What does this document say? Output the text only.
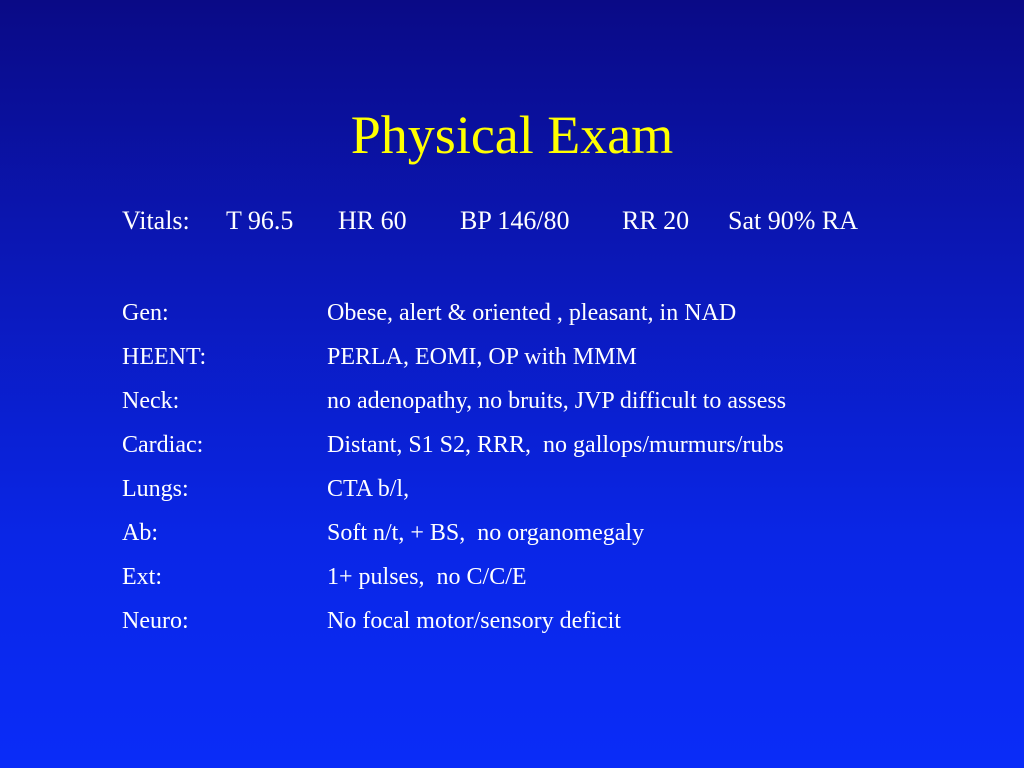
Physical Exam
Vitals: T 96.5 HR 60 BP 146/80 RR 20 Sat 90% RA
Gen:	Obese, alert & oriented , pleasant, in NAD
HEENT:	PERLA, EOMI, OP with MMM
Neck:	no adenopathy, no bruits, JVP difficult to assess
Cardiac:	Distant, S1 S2, RRR,  no gallops/murmurs/rubs
Lungs:	CTA b/l,
Ab:	Soft n/t, + BS,  no organomegaly
Ext:	1+ pulses,  no C/C/E
Neuro:	No focal motor/sensory deficit
